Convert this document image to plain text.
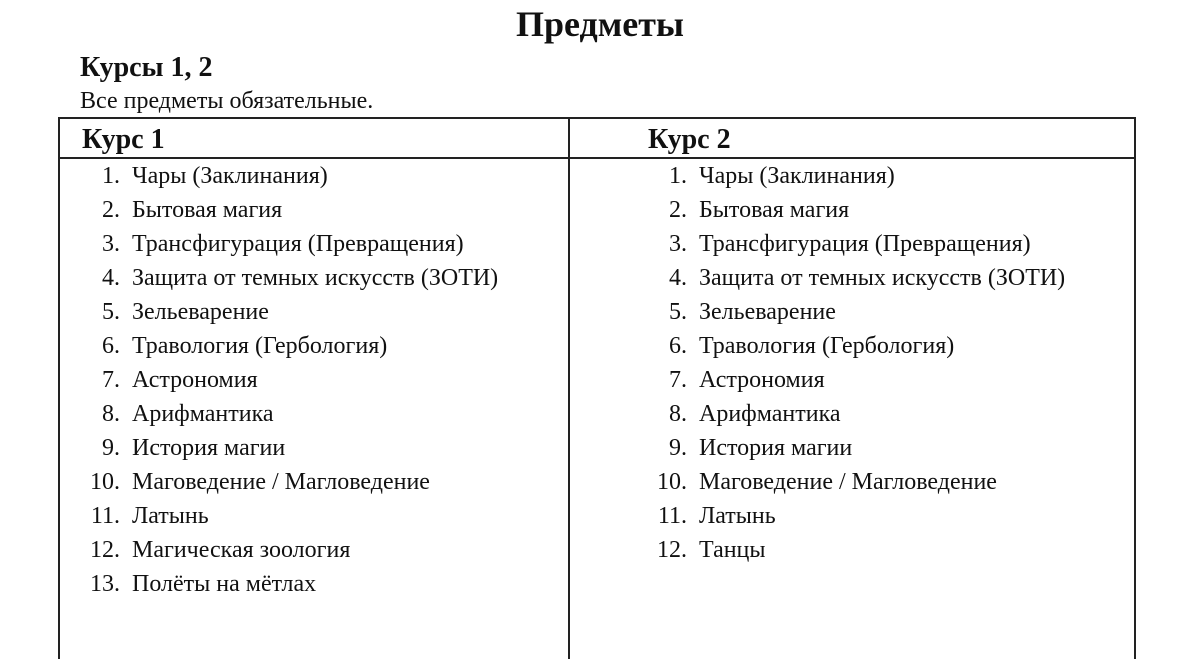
Предметы
Курсы 1, 2
Все предметы обязательные.
Курс 1	Курс 2
1. Чары (Заклинания)
2. Бытовая магия
3. Трансфигурация (Превращения)
4. Защита от темных искусств (ЗОТИ)
5. Зельеварение
6. Травология (Гербология)
7. Астрономия
8. Арифмантика
9. История магии
10. Маговедение / Магловедение
11. Латынь
12. Магическая зоология
13. Полёты на мётлах
1. Чары (Заклинания)
2. Бытовая магия
3. Трансфигурация (Превращения)
4. Защита от темных искусств (ЗОТИ)
5. Зельеварение
6. Травология (Гербология)
7. Астрономия
8. Арифмантика
9. История магии
10. Маговедение / Магловедение
11. Латынь
12. Танцы
